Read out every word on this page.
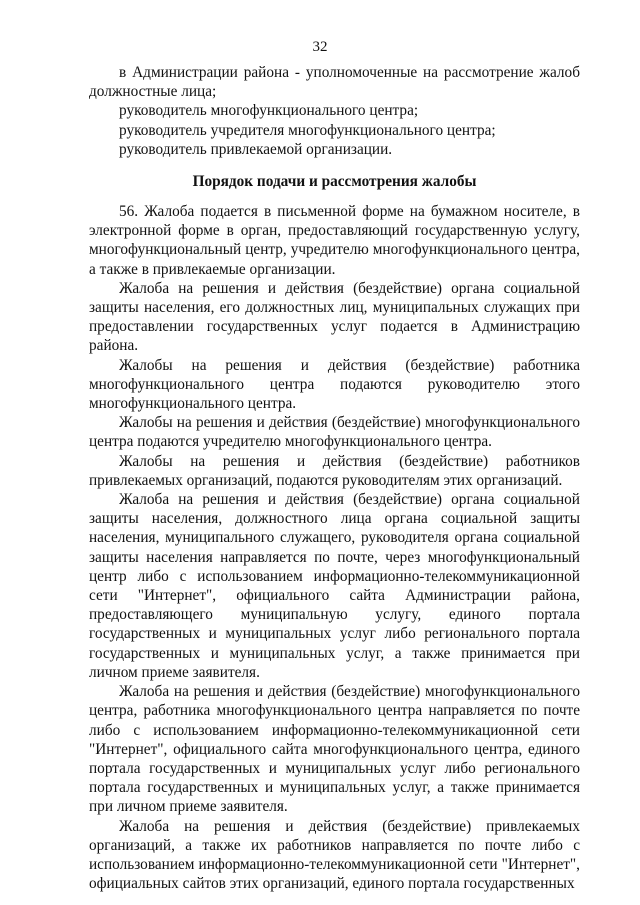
32

в Администрации района - уполномоченные на рассмотрение жалоб должностные лица;

руководитель многофункционального центра;

руководитель учредителя многофункционального центра;

руководитель привлекаемой организации.

Порядок подачи и рассмотрения жалобы

56. Жалоба подается в письменной форме на бумажном носителе, в электронной форме в орган, предоставляющий государственную услугу, многофункциональный центр, учредителю многофункционального центра, а также в привлекаемые организации.

Жалоба на решения и действия (бездействие) органа социальной защиты населения, его должностных лиц, муниципальных служащих при предоставлении государственных услуг подается в Администрацию района.

Жалобы на решения и действия (бездействие) работника многофункционального центра подаются руководителю этого многофункционального центра.

Жалобы на решения и действия (бездействие) многофункционального центра подаются учредителю многофункционального центра.

Жалобы на решения и действия (бездействие) работников привлекаемых организаций, подаются руководителям этих организаций.

Жалоба на решения и действия (бездействие) органа социальной защиты населения, должностного лица органа социальной защиты населения, муниципального служащего, руководителя органа социальной защиты населения направляется по почте, через многофункциональный центр либо с использованием информационно-телекоммуникационной сети "Интернет", официального сайта Администрации района, предоставляющего муниципальную услугу, единого портала государственных и муниципальных услуг либо регионального портала государственных и муниципальных услуг, а также принимается при личном приеме заявителя.

Жалоба на решения и действия (бездействие) многофункционального центра, работника многофункционального центра направляется по почте либо с использованием информационно-телекоммуникационной сети "Интернет", официального сайта многофункционального центра, единого портала государственных и муниципальных услуг либо регионального портала государственных и муниципальных услуг, а также принимается при личном приеме заявителя.

Жалоба на решения и действия (бездействие) привлекаемых организаций, а также их работников направляется по почте либо с использованием информационно-телекоммуникационной сети "Интернет", официальных сайтов этих организаций, единого портала государственных
